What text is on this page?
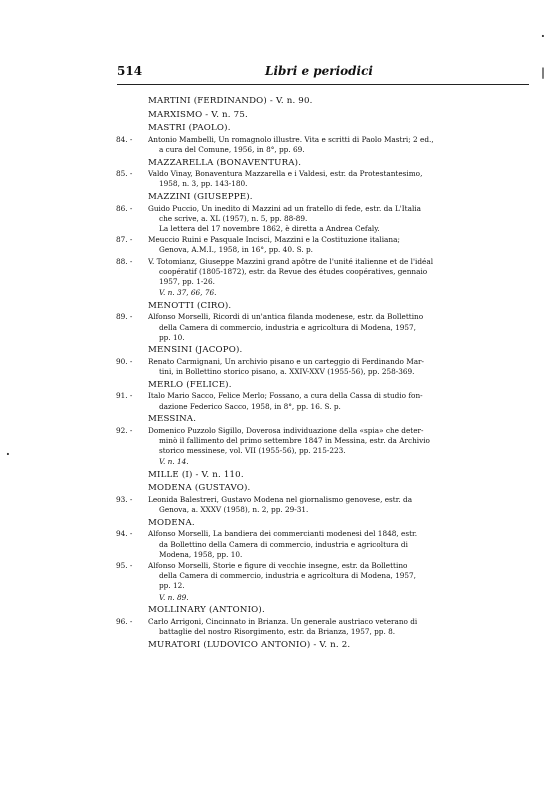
514	Libri e periodici
·
|
·
MARTINI (FERDINANDO) - V. n. 90.
MARXISMO - V. n. 75.
MASTRI (PAOLO).
84. - Antonio Mambelli, Un romagnolo illustre. Vita e scritti di Paolo Mastri; 2 ed.,
a cura del Comune, 1956, in 8°, pp. 69.
MAZZARELLA (BONAVENTURA).
85. - Valdo Vinay, Bonaventura Mazzarella e i Valdesi, estr. da Protestantesimo,
1958, n. 3, pp. 143-180.
MAZZINI (GIUSEPPE).
86. - Guido Puccio, Un inedito di Mazzini ad un fratello di fede, estr. da L'Italia
che scrive, a. XL (1957), n. 5, pp. 88-89.
La lettera del 17 novembre 1862, è diretta a Andrea Cefaly.
87. - Meuccio Ruini e Pasquale Incisci, Mazzini e la Costituzione italiana;
Genova, A.M.I., 1958, in 16°, pp. 40. S. p.
88. - V. Totomianz, Giuseppe Mazzini grand apôtre de l'unité italienne et de l'idéal
coopératif (1805-1872), estr. da Revue des études coopératives, gennaio
1957, pp. 1-26.
V. n. 37, 66, 76.
MENOTTI (CIRO).
89. - Alfonso Morselli, Ricordi di un'antica filanda modenese, estr. da Bollettino
della Camera di commercio, industria e agricoltura di Modena, 1957,
pp. 10.
MENSINI (JACOPO).
90. - Renato Carmignani, Un archivio pisano e un carteggio di Ferdinando Mar-
tini, in Bollettino storico pisano, a. XXIV-XXV (1955-56), pp. 258-369.
MERLO (FELICE).
91. - Italo Mario Sacco, Felice Merlo; Fossano, a cura della Cassa di studio fon-
dazione Federico Sacco, 1958, in 8°, pp. 16. S. p.
MESSINA.
92. - Domenico Puzzolo Sigillo, Doverosa individuazione della «spia» che deter-
minò il fallimento del primo settembre 1847 in Messina, estr. da Archivio
storico messinese, vol. VII (1955-56), pp. 215-223.
V. n. 14.
MILLE (I) - V. n. 110.
MODENA (GUSTAVO).
93. - Leonida Balestreri, Gustavo Modena nel giornalismo genovese, estr. da
Genova, a. XXXV (1958), n. 2, pp. 29-31.
MODENA.
94. - Alfonso Morselli, La bandiera dei commercianti modenesi del 1848, estr.
da Bollettino della Camera di commercio, industria e agricoltura di
Modena, 1958, pp. 10.
95. - Alfonso Morselli, Storie e figure di vecchie insegne, estr. da Bollettino
della Camera di commercio, industria e agricoltura di Modena, 1957,
pp. 12.
V. n. 89.
MOLLINARY (ANTONIO).
96. - Carlo Arrigoni, Cincinnato in Brianza. Un generale austriaco veterano di
battaglie del nostro Risorgimento, estr. da Brianza, 1957, pp. 8.
MURATORI (LUDOVICO ANTONIO) - V. n. 2.
